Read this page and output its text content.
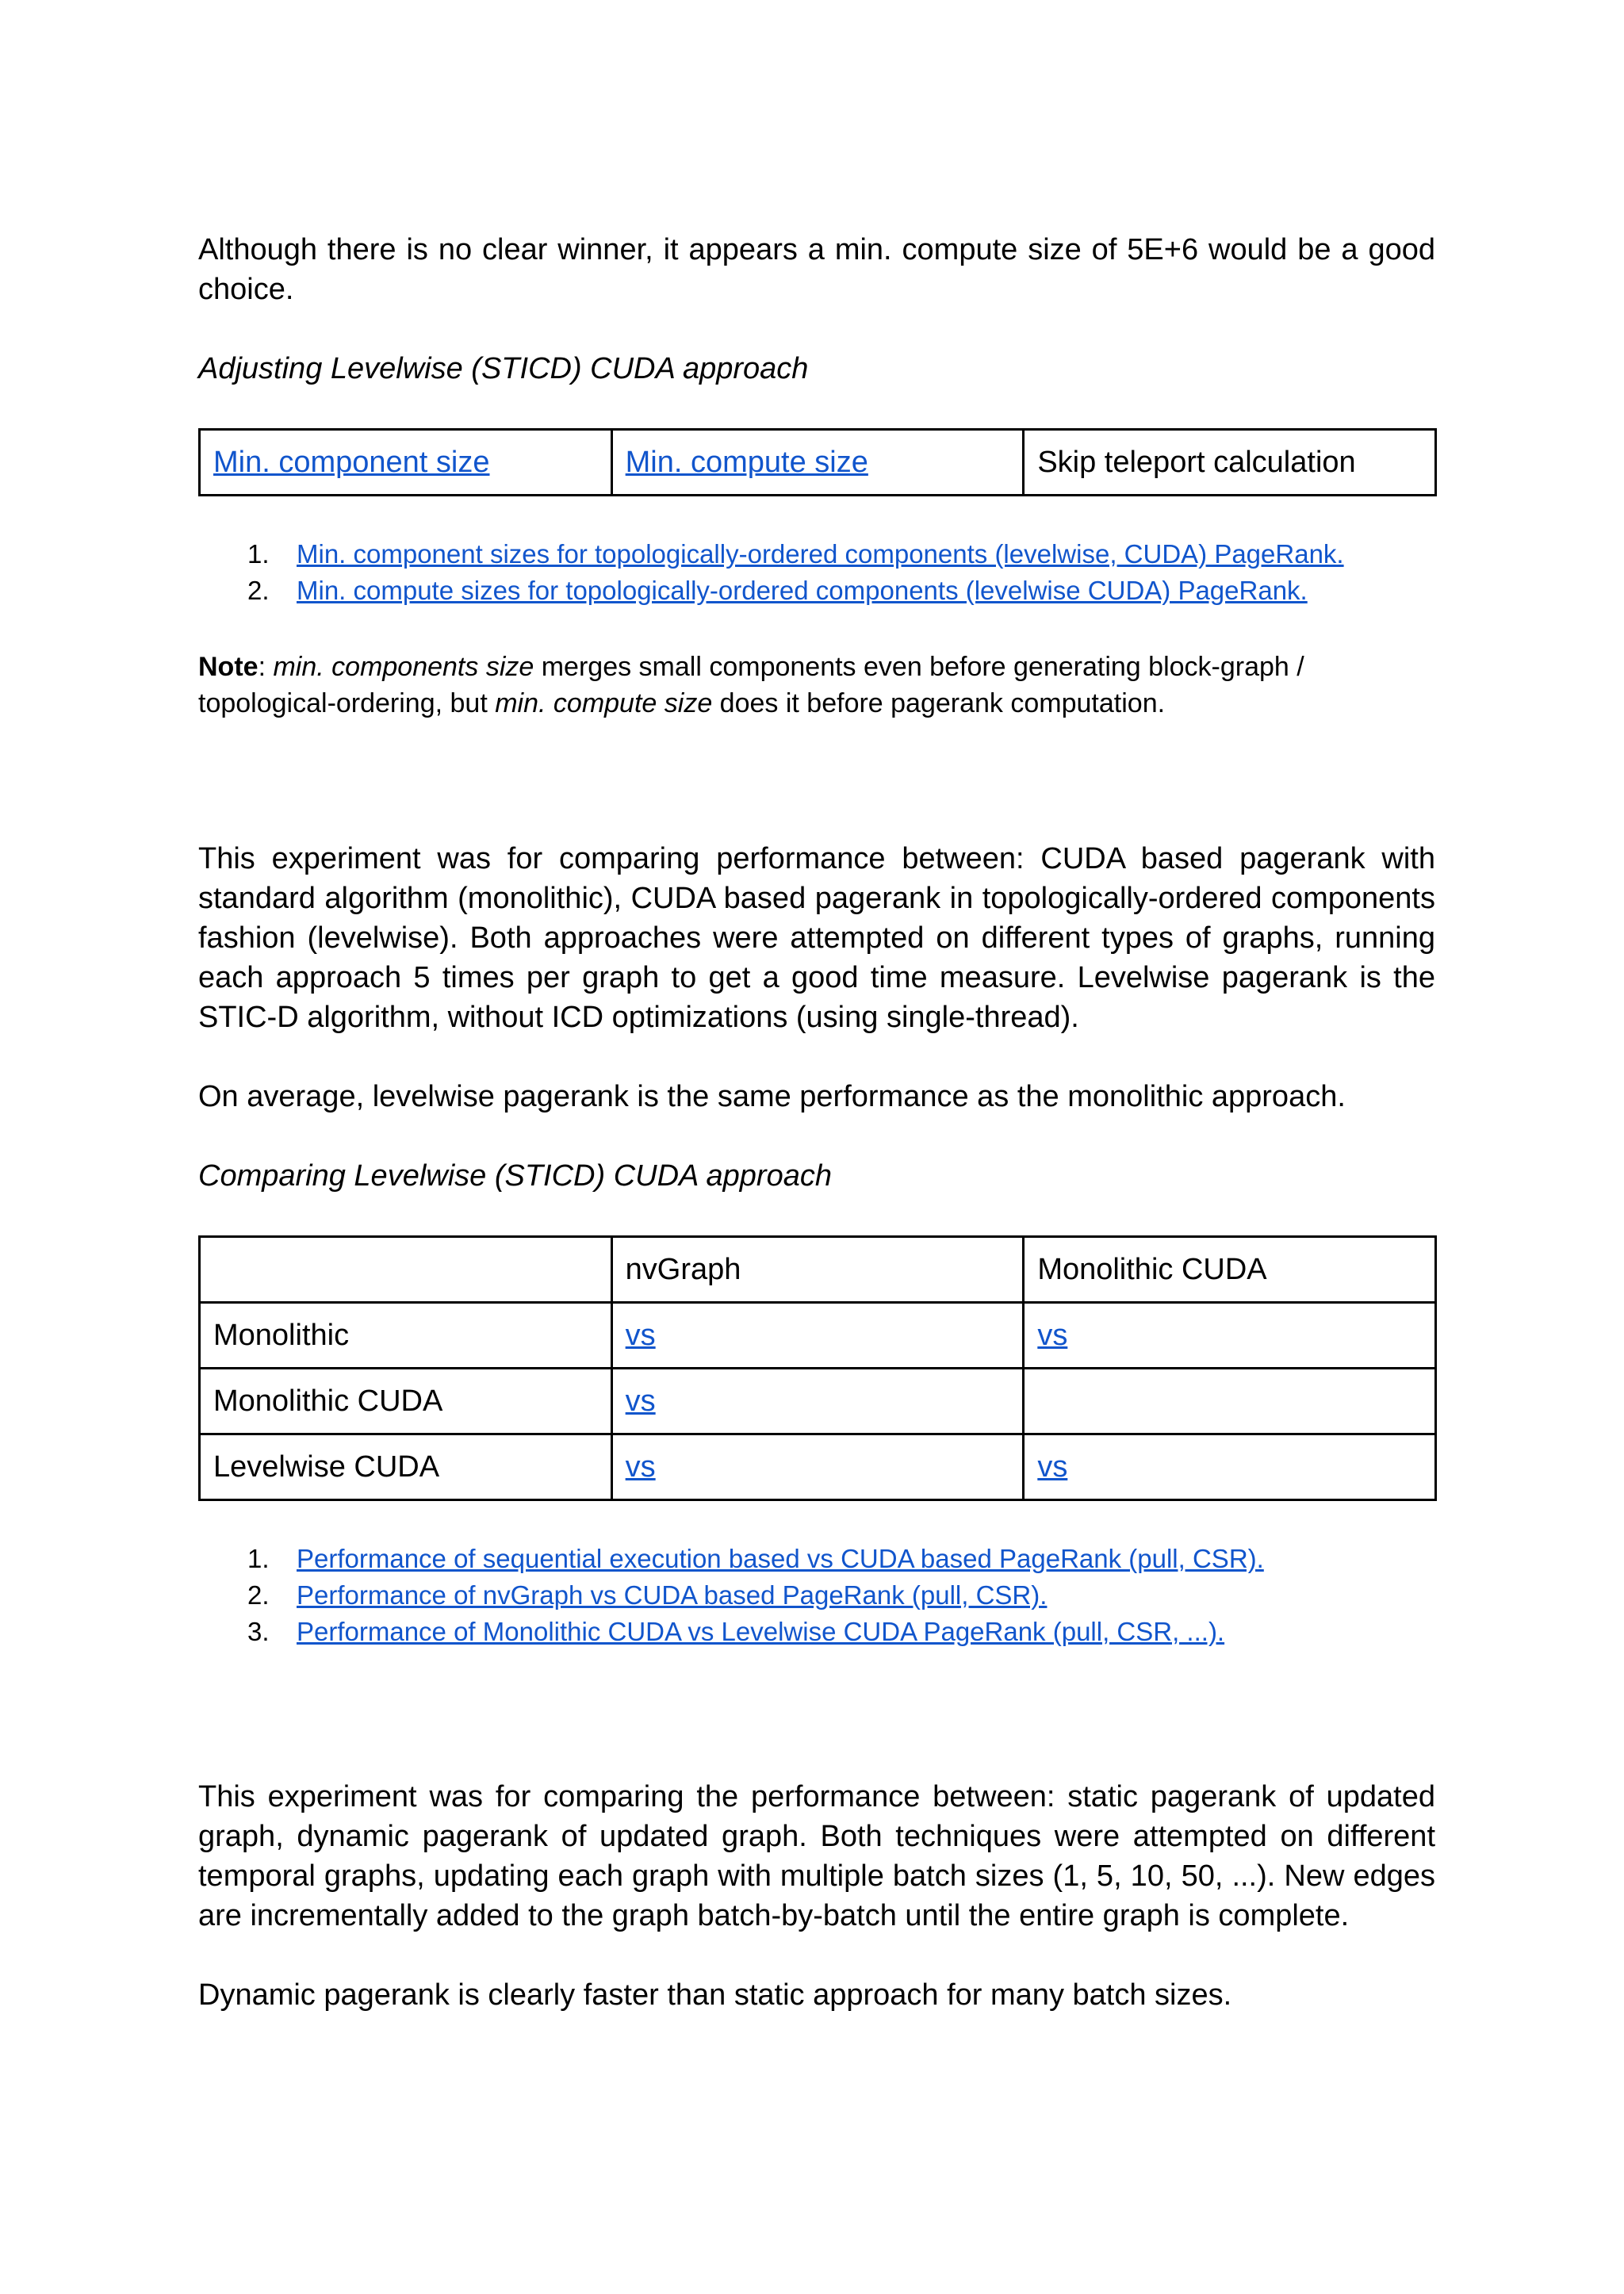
Although there is no clear winner, it appears a min. compute size of 5E+6 would be a good choice.

Adjusting Levelwise (STICD) CUDA approach

Min. component size	Min. compute size	Skip teleport calculation
1. Min. component sizes for topologically-ordered components (levelwise, CUDA) PageRank.
2. Min. compute sizes for topologically-ordered components (levelwise CUDA) PageRank.

Note: min. components size merges small components even before generating block-graph / topological-ordering, but min. compute size does it before pagerank computation.

This experiment was for comparing performance between: CUDA based pagerank with standard algorithm (monolithic), CUDA based pagerank in topologically-ordered components fashion (levelwise). Both approaches were attempted on different types of graphs, running each approach 5 times per graph to get a good time measure. Levelwise pagerank is the STIC-D algorithm, without ICD optimizations (using single-thread).

On average, levelwise pagerank is the same performance as the monolithic approach.

Comparing Levelwise (STICD) CUDA approach

	nvGraph	Monolithic CUDA
Monolithic	vs	vs
Monolithic CUDA	vs	
Levelwise CUDA	vs	vs
1. Performance of sequential execution based vs CUDA based PageRank (pull, CSR).
2. Performance of nvGraph vs CUDA based PageRank (pull, CSR).
3. Performance of Monolithic CUDA vs Levelwise CUDA PageRank (pull, CSR, ...).

This experiment was for comparing the performance between: static pagerank of updated graph, dynamic pagerank of updated graph. Both techniques were attempted on different temporal graphs, updating each graph with multiple batch sizes (1, 5, 10, 50, ...). New edges are incrementally added to the graph batch-by-batch until the entire graph is complete.

Dynamic pagerank is clearly faster than static approach for many batch sizes.
